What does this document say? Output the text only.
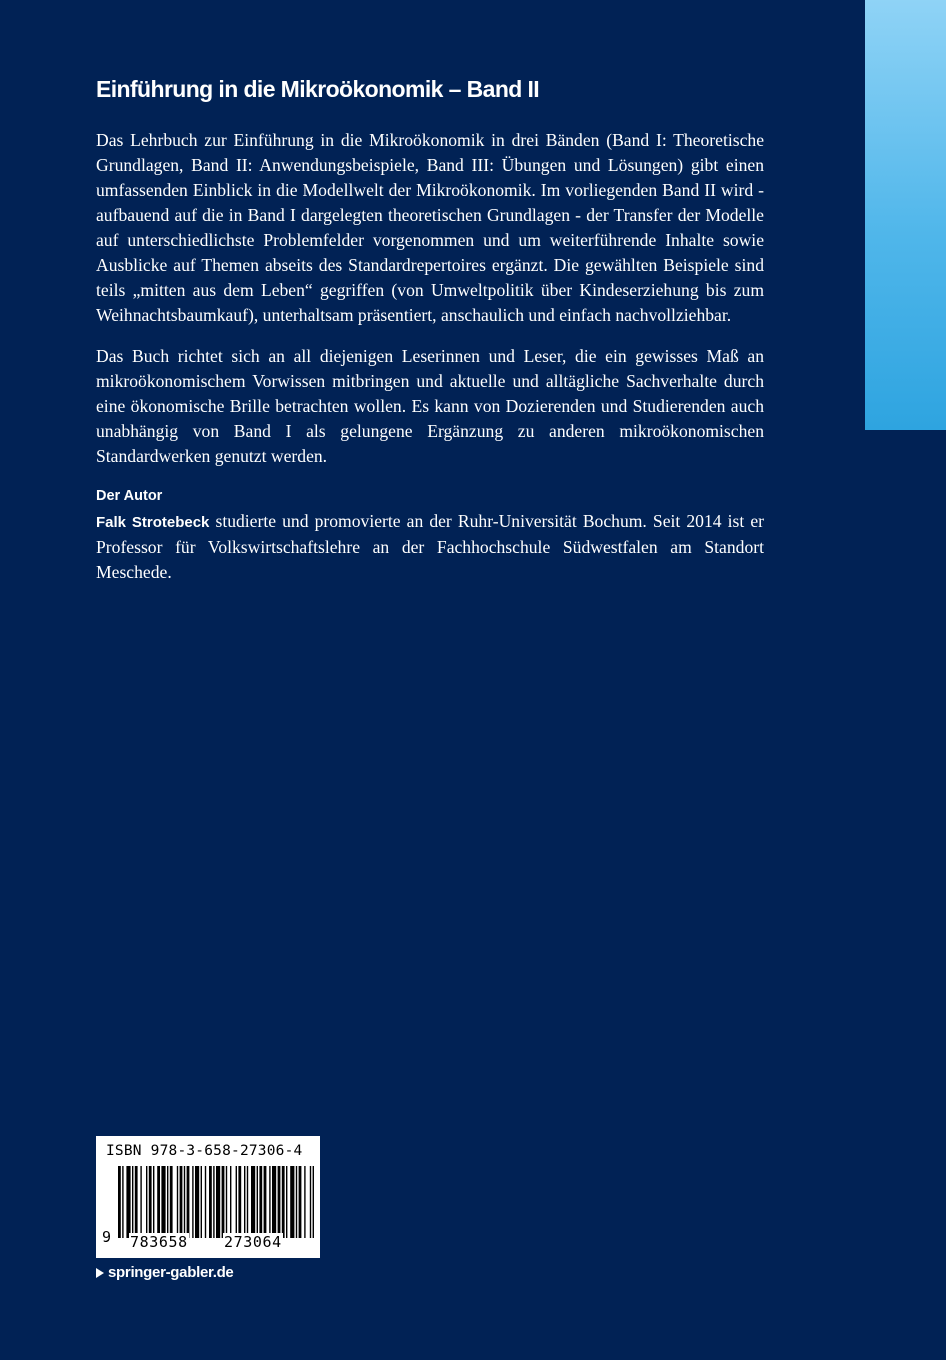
Einführung in die Mikroökonomik – Band II

Das Lehrbuch zur Einführung in die Mikroökonomik in drei Bänden (Band I: Theoretische Grundlagen, Band II: Anwendungsbeispiele, Band III: Übungen und Lösungen) gibt einen umfassenden Einblick in die Modellwelt der Mikroökonomik. Im vorliegenden Band II wird - aufbauend auf die in Band I dargelegten theoretischen Grundlagen - der Transfer der Modelle auf unterschiedlichste Problemfelder vorgenommen und um weiterführende Inhalte sowie Ausblicke auf Themen abseits des Standardrepertoires ergänzt. Die gewählten Beispiele sind teils „mitten aus dem Leben“ gegriffen (von Umweltpolitik über Kindeserziehung bis zum Weihnachtsbaumkauf), unterhaltsam präsentiert, anschaulich und einfach nachvollziehbar.

Das Buch richtet sich an all diejenigen Leserinnen und Leser, die ein gewisses Maß an mikroökonomischem Vorwissen mitbringen und aktuelle und alltägliche Sachverhalte durch eine ökonomische Brille betrachten wollen. Es kann von Dozierenden und Studierenden auch unabhängig von Band I als gelungene Ergänzung zu anderen mikroökonomischen Standardwerken genutzt werden.

Der Autor

Falk Strotebeck studierte und promovierte an der Ruhr-Universität Bochum. Seit 2014 ist er Professor für Volkswirtschaftslehre an der Fachhochschule Südwestfalen am Standort Meschede.

ISBN 978-3-658-27306-4
9 783658 273064
springer-gabler.de
